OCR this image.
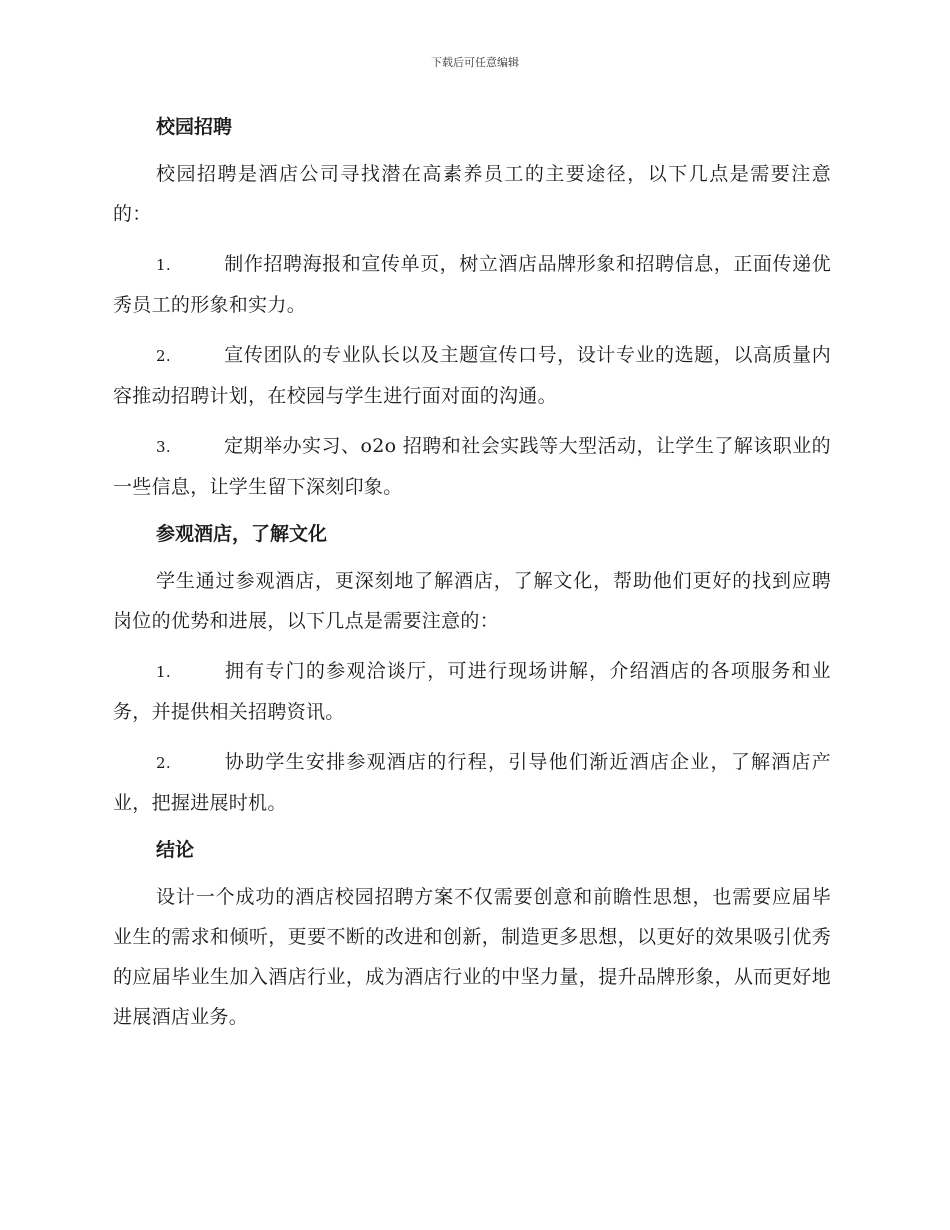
下载后可任意编辑
校园招聘

校园招聘是酒店公司寻找潜在高素养员工的主要途径，以下几点是需要注意的：

1.	制作招聘海报和宣传单页，树立酒店品牌形象和招聘信息，正面传递优秀员工的形象和实力。

2.	宣传团队的专业队长以及主题宣传口号，设计专业的选题，以高质量内容推动招聘计划，在校园与学生进行面对面的沟通。

3.	定期举办实习、o2o 招聘和社会实践等大型活动，让学生了解该职业的一些信息，让学生留下深刻印象。

参观酒店，了解文化

学生通过参观酒店，更深刻地了解酒店，了解文化，帮助他们更好的找到应聘岗位的优势和进展，以下几点是需要注意的：

1.	拥有专门的参观洽谈厅，可进行现场讲解，介绍酒店的各项服务和业务，并提供相关招聘资讯。

2.	协助学生安排参观酒店的行程，引导他们渐近酒店企业，了解酒店产业，把握进展时机。

结论

设计一个成功的酒店校园招聘方案不仅需要创意和前瞻性思想，也需要应届毕业生的需求和倾听，更要不断的改进和创新，制造更多思想，以更好的效果吸引优秀的应届毕业生加入酒店行业，成为酒店行业的中坚力量，提升品牌形象，从而更好地进展酒店业务。
